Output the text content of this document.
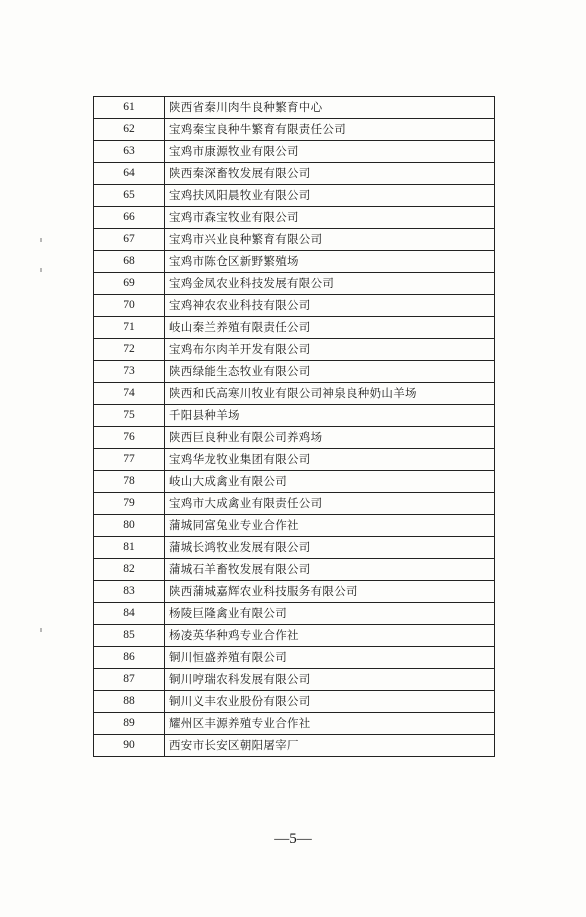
61	陕西省秦川肉牛良种繁育中心
62	宝鸡秦宝良种牛繁育有限责任公司
63	宝鸡市康源牧业有限公司
64	陕西秦深畜牧发展有限公司
65	宝鸡扶风阳晨牧业有限公司
66	宝鸡市森宝牧业有限公司
67	宝鸡市兴业良种繁育有限公司
68	宝鸡市陈仓区新野繁殖场
69	宝鸡金凤农业科技发展有限公司
70	宝鸡神农农业科技有限公司
71	岐山秦兰养殖有限责任公司
72	宝鸡布尔肉羊开发有限公司
73	陕西绿能生态牧业有限公司
74	陕西和氏高寒川牧业有限公司神泉良种奶山羊场
75	千阳县种羊场
76	陕西巨良种业有限公司养鸡场
77	宝鸡华龙牧业集团有限公司
78	岐山大成禽业有限公司
79	宝鸡市大成禽业有限责任公司
80	蒲城同富兔业专业合作社
81	蒲城长鸿牧业发展有限公司
82	蒲城石羊畜牧发展有限公司
83	陕西蒲城嘉辉农业科技服务有限公司
84	杨陵巨隆禽业有限公司
85	杨凌英华种鸡专业合作社
86	铜川恒盛养殖有限公司
87	铜川哼瑞农科发展有限公司
88	铜川义丰农业股份有限公司
89	耀州区丰源养殖专业合作社
90	西安市长安区朝阳屠宰厂
—5—
